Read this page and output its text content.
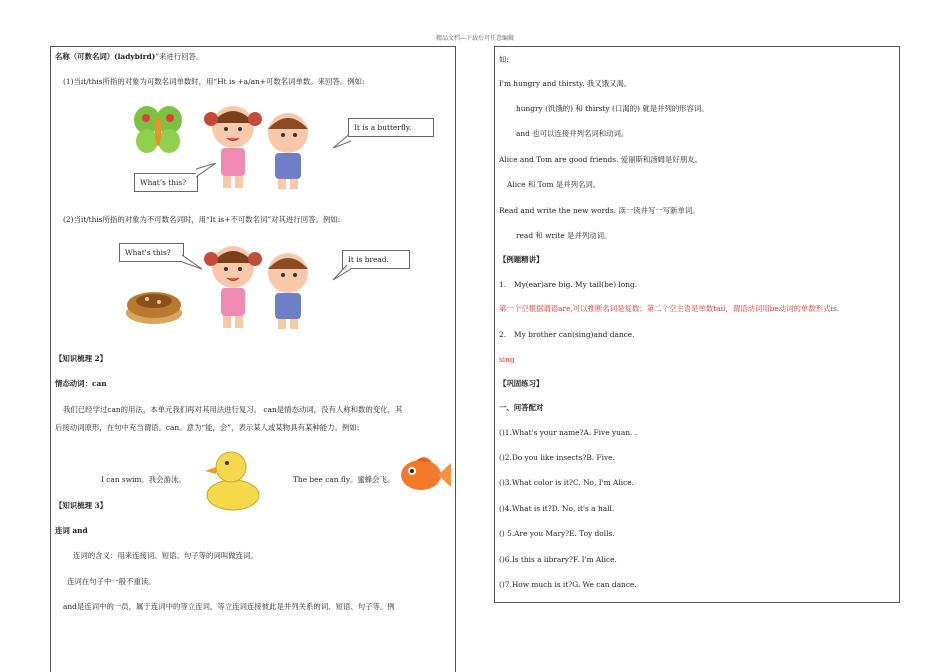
精品文档---下载后可任意编辑
名称（可数名词）(ladybird)”来进行回答。
(1)当it/this所指的对象为可数名词单数时，用“Ht is +a/an+可数名词单数。来回答。例如:
It is a butterfly.
What’s this?
(2)当it/this所指的对象为不可数名词时，用“It is+不可数名词”对其进行回答。例如:
What's this?
It is bread.
【知识梳理 2】
情态动词：can
我们已经学过can的用法，本单元我们再对其用法进行复习。 can是情态动词，没有人称和数的变化，其
后接动词原形，在句中充当谓语。can。意为“能，会”，表示某人或某物具有某种能力。例如:
I can swim。我会游泳。	The bee can fly。蜜蜂会飞。
【知识梳理 3】
连词 and
连词的含义：用来连接词、短语、句子等的词叫做连词。
连词在句子中一般不重读。
and是连词中的一员，属于连词中的等立连词，等立连词连接彼此是并列关系的词、短语、句子等。例
如:
I'm hungry and thirsty. 我又饿又渴。
hungry (饥饿的) 和 thirsty (口渴的) 就是并列的形容词。
and 也可以连接并列名词和动词。
Alice and Tom are good friends. 爱丽斯和汤姆是好朋友。
Alice 和 Tom 是并列名词。
Read and write the new words. 读一读并写一写新单词。
read 和 write 是并列动词。
【例题精讲】
1. My(ear)are big. My tail(be) long.
第一个空根据谓语are,可以推断名词是复数；第二个空主语是单数tail，谓语动词用be动词的单数形式is.
2. My brother can(sing)and dance.
sing
【巩固练习】
一、问答配对
()1.What's your name?A. Five yuan. .
()2.Do you like insects?B. Five.
()3.What color is it?C. No, I'm Alice.
()4.What is it?D. No, it's a hall.
() 5.Are you Mary?E. Toy dolls.
()6.Is this a library?F. I'm Alice.
()7.How much is it?G. We can dance.
